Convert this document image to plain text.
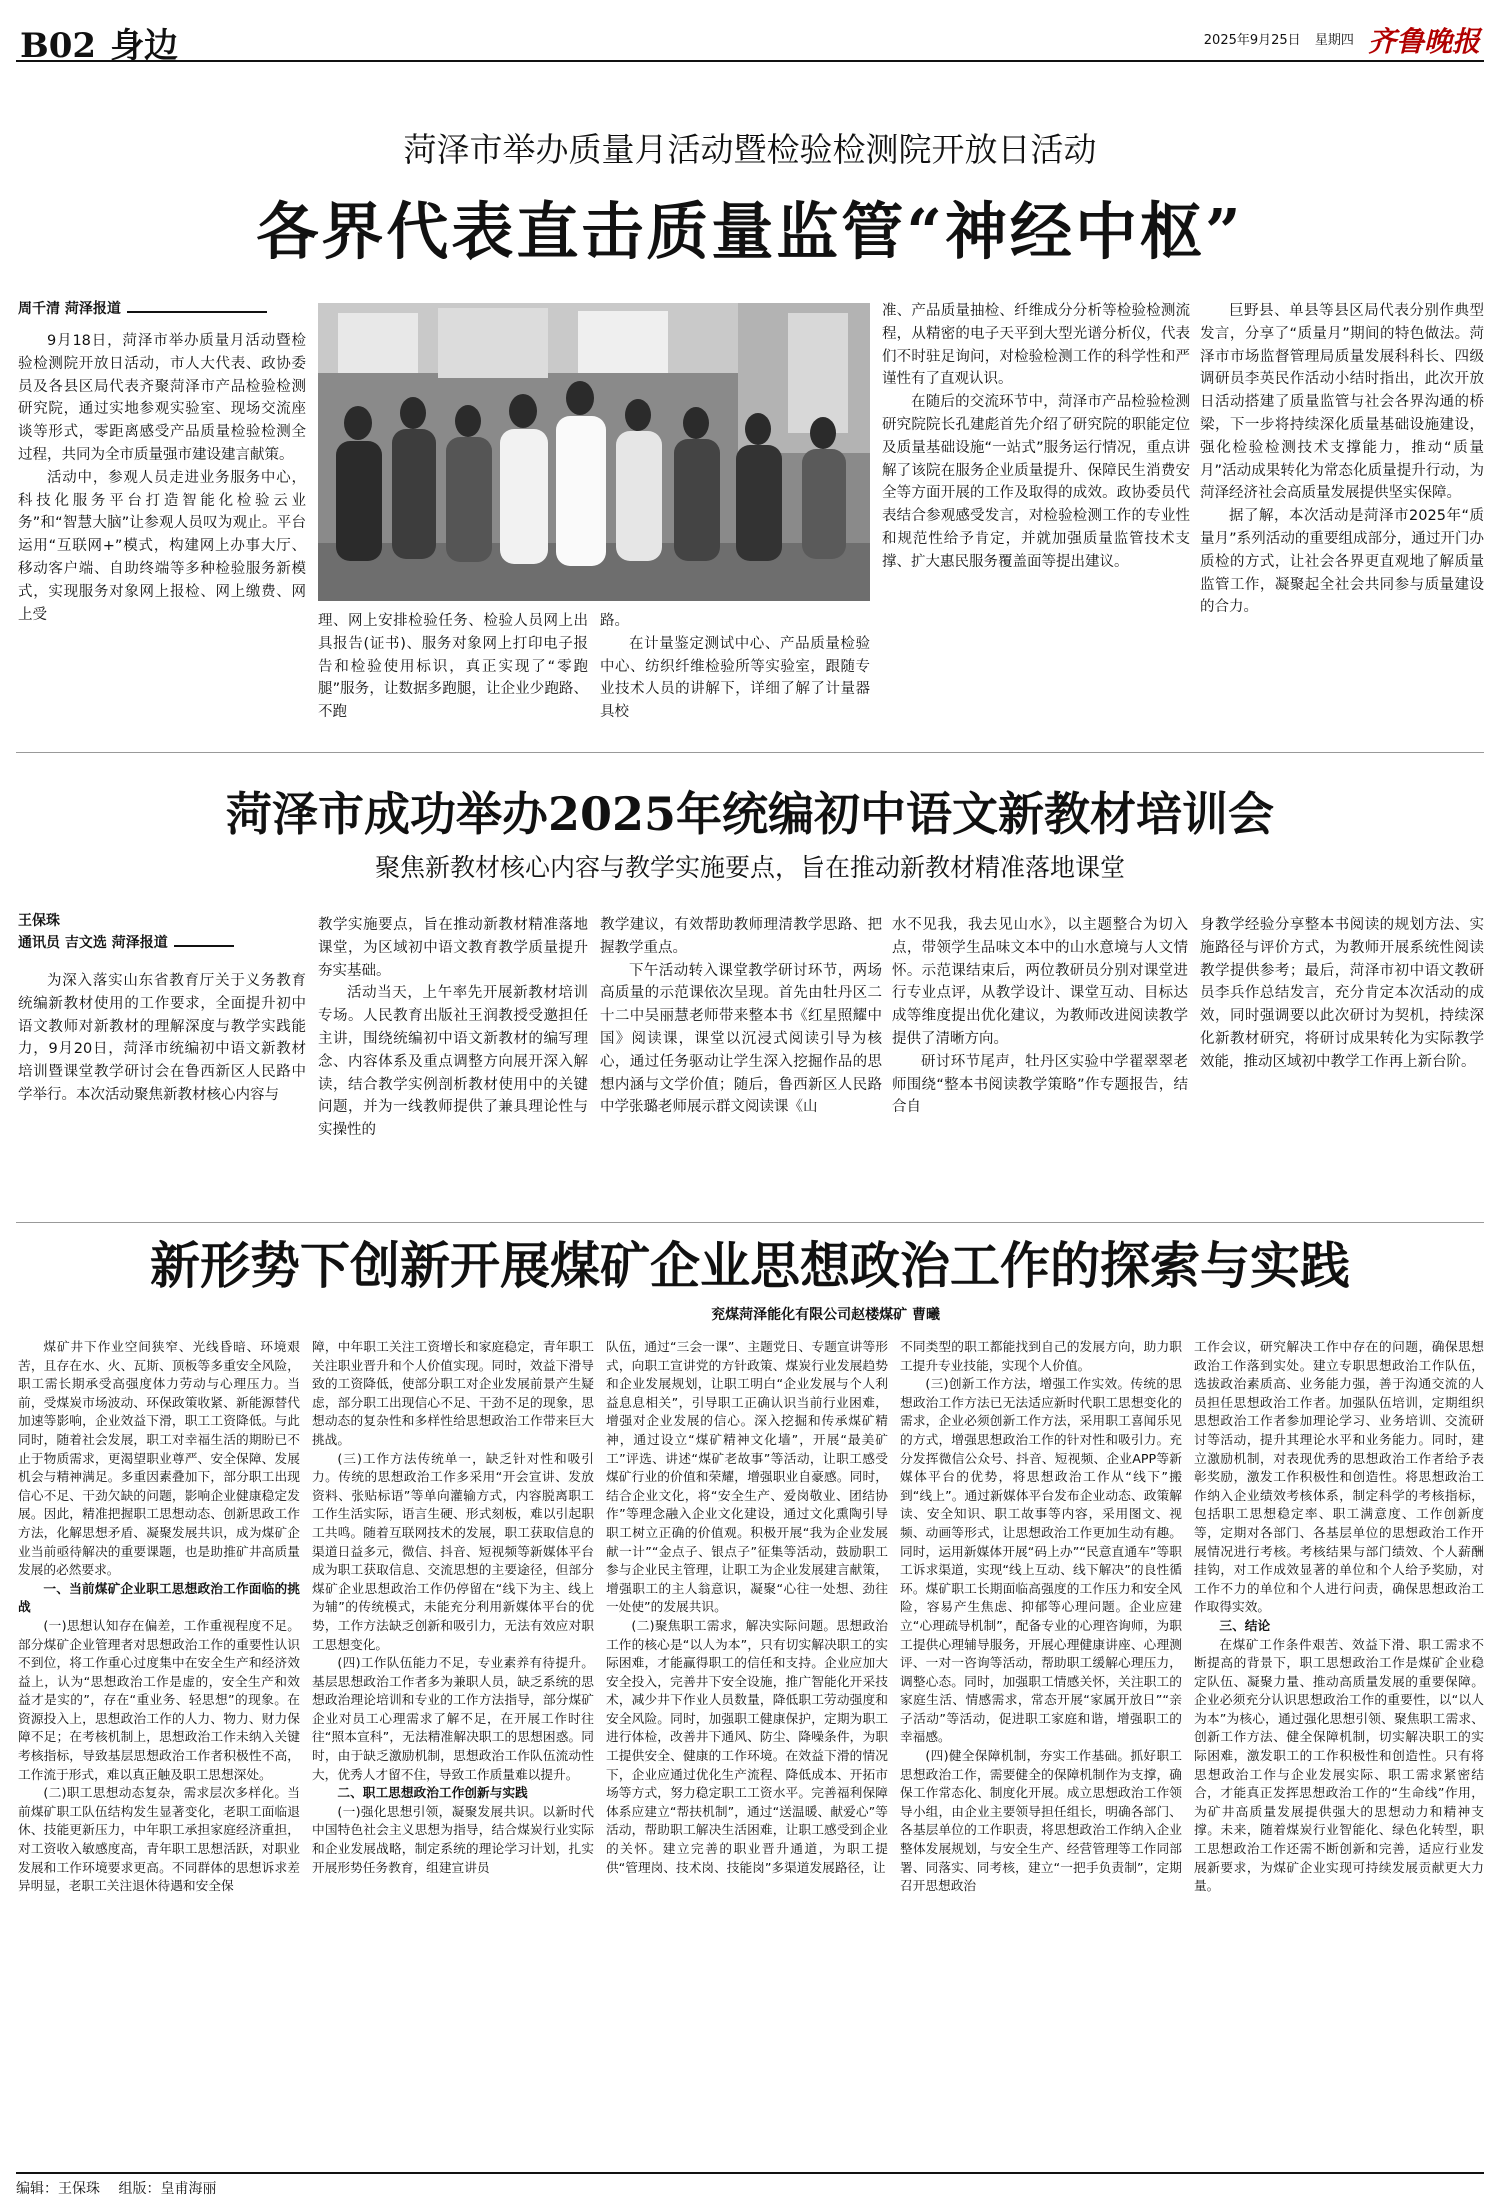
B02 身边	2025年9月25日 星期四 齐鲁晚报
菏泽市举办质量月活动暨检验检测院开放日活动
各界代表直击质量监管“神经中枢”
周千清 菏泽报道

9月18日，菏泽市举办质量月活动暨检验检测院开放日活动，市人大代表、政协委员及各县区局代表齐聚菏泽市产品检验检测研究院，通过实地参观实验室、现场交流座谈等形式，零距离感受产品质量检验检测全过程，共同为全市质量强市建设建言献策。

活动中，参观人员走进业务服务中心，科技化服务平台打造智能化检验云业务”和“智慧大脑”让参观人员叹为观止。平台运用“互联网+”模式，构建网上办事大厅、移动客户端、自助终端等多种检验服务新模式，实现服务对象网上报检、网上缴费、网上受	理、网上安排检验任务、检验人员网上出具报告(证书)、服务对象网上打印电子报告和检验使用标识，真正实现了“零跑腿”服务，让数据多跑腿，让企业少跑路、不跑

路。

在计量鉴定测试中心、产品质量检验中心、纺织纤维检验所等实验室，跟随专业技术人员的讲解下，详细了解了计量器具校

准、产品质量抽检、纤维成分分析等检验检测流程，从精密的电子天平到大型光谱分析仪，代表们不时驻足询问，对检验检测工作的科学性和严谨性有了直观认识。

在随后的交流环节中，菏泽市产品检验检测研究院院长孔建彪首先介绍了研究院的职能定位及质量基础设施“一站式”服务运行情况，重点讲解了该院在服务企业质量提升、保障民生消费安全等方面开展的工作及取得的成效。政协委员代表结合参观感受发言，对检验检测工作的专业性和规范性给予肯定，并就加强质量监管技术支撑、扩大惠民服务覆盖面等提出建议。

巨野县、单县等县区局代表分别作典型发言，分享了“质量月”期间的特色做法。菏泽市市场监督管理局质量发展科科长、四级调研员李英民作活动小结时指出，此次开放日活动搭建了质量监管与社会各界沟通的桥梁，下一步将持续深化质量基础设施建设，强化检验检测技术支撑能力，推动“质量月”活动成果转化为常态化质量提升行动，为菏泽经济社会高质量发展提供坚实保障。

据了解，本次活动是菏泽市2025年“质量月”系列活动的重要组成部分，通过开门办质检的方式，让社会各界更直观地了解质量监管工作，凝聚起全社会共同参与质量建设的合力。

菏泽市成功举办2025年统编初中语文新教材培训会
聚焦新教材核心内容与教学实施要点，旨在推动新教材精准落地课堂
王保珠
通讯员 吉文选 菏泽报道

为深入落实山东省教育厅关于义务教育统编新教材使用的工作要求，全面提升初中语文教师对新教材的理解深度与教学实践能力，9月20日，菏泽市统编初中语文新教材培训暨课堂教学研讨会在鲁西新区人民路中学举行。本次活动聚焦新教材核心内容与

教学实施要点，旨在推动新教材精准落地课堂，为区域初中语文教育教学质量提升夯实基础。

活动当天，上午率先开展新教材培训专场。人民教育出版社王润教授受邀担任主讲，围绕统编初中语文新教材的编写理念、内容体系及重点调整方向展开深入解读，结合教学实例剖析教材使用中的关键问题，并为一线教师提供了兼具理论性与实操性的

教学建议，有效帮助教师理清教学思路、把握教学重点。

下午活动转入课堂教学研讨环节，两场高质量的示范课依次呈现。首先由牡丹区二十二中吴丽慧老师带来整本书《红星照耀中国》阅读课，课堂以沉浸式阅读引导为核心，通过任务驱动让学生深入挖掘作品的思想内涵与文学价值；随后，鲁西新区人民路中学张璐老师展示群文阅读课《山

水不见我，我去见山水》，以主题整合为切入点，带领学生品味文本中的山水意境与人文情怀。示范课结束后，两位教研员分别对课堂进行专业点评，从教学设计、课堂互动、目标达成等维度提出优化建议，为教师改进阅读教学提供了清晰方向。

研讨环节尾声，牡丹区实验中学翟翠翠老师围绕“整本书阅读教学策略”作专题报告，结合自

身教学经验分享整本书阅读的规划方法、实施路径与评价方式，为教师开展系统性阅读教学提供参考；最后，菏泽市初中语文教研员李兵作总结发言，充分肯定本次活动的成效，同时强调要以此次研讨为契机，持续深化新教材研究，将研讨成果转化为实际教学效能，推动区域初中教学工作再上新台阶。

新形势下创新开展煤矿企业思想政治工作的探索与实践
兖煤菏泽能化有限公司赵楼煤矿 曹曦

煤矿井下作业空间狭窄、光线昏暗、环境艰苦，且存在水、火、瓦斯、顶板等多重安全风险，职工需长期承受高强度体力劳动与心理压力。当前，受煤炭市场波动、环保政策收紧、新能源替代加速等影响，企业效益下滑，职工工资降低。与此同时，随着社会发展，职工对幸福生活的期盼已不止于物质需求，更渴望职业尊严、安全保障、发展机会与精神满足。多重因素叠加下，部分职工出现信心不足、干劲欠缺的问题，影响企业健康稳定发展。因此，精准把握职工思想动态、创新思政工作方法，化解思想矛盾、凝聚发展共识，成为煤矿企业当前亟待解决的重要课题，也是助推矿井高质量发展的必然要求。

一、当前煤矿企业职工思想政治工作面临的挑战

(一)思想认知存在偏差，工作重视程度不足。部分煤矿企业管理者对思想政治工作的重要性认识不到位，将工作重心过度集中在安全生产和经济效益上，认为“思想政治工作是虚的，安全生产和效益才是实的”，存在“重业务、轻思想”的现象。在资源投入上，思想政治工作的人力、物力、财力保障不足；在考核机制上，思想政治工作未纳入关键考核指标，导致基层思想政治工作者积极性不高，工作流于形式，难以真正触及职工思想深处。

(二)职工思想动态复杂，需求层次多样化。当前煤矿职工队伍结构发生显著变化，老职工面临退休、技能更新压力，中年职工承担家庭经济重担，对工资收入敏感度高，青年职工思想活跃，对职业发展和工作环境要求更高。不同群体的思想诉求差异明显，老职工关注退休待遇和安全保

障，中年职工关注工资增长和家庭稳定，青年职工关注职业晋升和个人价值实现。同时，效益下滑导致的工资降低，使部分职工对企业发展前景产生疑虑，部分职工出现信心不足、干劲不足的现象，思想动态的复杂性和多样性给思想政治工作带来巨大挑战。

(三)工作方法传统单一，缺乏针对性和吸引力。传统的思想政治工作多采用“开会宣讲、发放资料、张贴标语”等单向灌输方式，内容脱离职工工作生活实际，语言生硬、形式刻板，难以引起职工共鸣。随着互联网技术的发展，职工获取信息的渠道日益多元，微信、抖音、短视频等新媒体平台成为职工获取信息、交流思想的主要途径，但部分煤矿企业思想政治工作仍停留在“线下为主、线上为辅”的传统模式，未能充分利用新媒体平台的优势，工作方法缺乏创新和吸引力，无法有效应对职工思想变化。

(四)工作队伍能力不足，专业素养有待提升。基层思想政治工作者多为兼职人员，缺乏系统的思想政治理论培训和专业的工作方法指导，部分煤矿企业对员工心理需求了解不足，在开展工作时往往“照本宣科”，无法精准解决职工的思想困惑。同时，由于缺乏激励机制，思想政治工作队伍流动性大，优秀人才留不住，导致工作质量难以提升。

二、职工思想政治工作创新与实践

(一)强化思想引领，凝聚发展共识。以新时代中国特色社会主义思想为指导，结合煤炭行业实际和企业发展战略，制定系统的理论学习计划，扎实开展形势任务教育，组建宣讲员

队伍，通过“三会一课”、主题党日、专题宣讲等形式，向职工宣讲党的方针政策、煤炭行业发展趋势和企业发展规划，让职工明白“企业发展与个人利益息息相关”，引导职工正确认识当前行业困难，增强对企业发展的信心。深入挖掘和传承煤矿精神，通过设立“煤矿精神文化墙”，开展“最美矿工”评选、讲述“煤矿老故事”等活动，让职工感受煤矿行业的价值和荣耀，增强职业自豪感。同时，结合企业文化，将“安全生产、爱岗敬业、团结协作”等理念融入企业文化建设，通过文化熏陶引导职工树立正确的价值观。积极开展“我为企业发展献一计”“金点子、银点子”征集等活动，鼓励职工参与企业民主管理，让职工为企业发展建言献策，增强职工的主人翁意识，凝聚“心往一处想、劲往一处使”的发展共识。

(二)聚焦职工需求，解决实际问题。思想政治工作的核心是“以人为本”，只有切实解决职工的实际困难，才能赢得职工的信任和支持。企业应加大安全投入，完善井下安全设施，推广智能化开采技术，减少井下作业人员数量，降低职工劳动强度和安全风险。同时，加强职工健康保护，定期为职工进行体检，改善井下通风、防尘、降噪条件，为职工提供安全、健康的工作环境。在效益下滑的情况下，企业应通过优化生产流程、降低成本、开拓市场等方式，努力稳定职工工资水平。完善福利保障体系应建立“帮扶机制”，通过“送温暖、献爱心”等活动，帮助职工解决生活困难，让职工感受到企业的关怀。建立完善的职业晋升通道，为职工提供“管理岗、技术岗、技能岗”多渠道发展路径，让

不同类型的职工都能找到自己的发展方向，助力职工提升专业技能，实现个人价值。

(三)创新工作方法，增强工作实效。传统的思想政治工作方法已无法适应新时代职工思想变化的需求，企业必须创新工作方法，采用职工喜闻乐见的方式，增强思想政治工作的针对性和吸引力。充分发挥微信公众号、抖音、短视频、企业APP等新媒体平台的优势，将思想政治工作从“线下”搬到“线上”。通过新媒体平台发布企业动态、政策解读、安全知识、职工故事等内容，采用图文、视频、动画等形式，让思想政治工作更加生动有趣。同时，运用新媒体开展“码上办”“民意直通车”等职工诉求渠道，实现“线上互动、线下解决”的良性循环。煤矿职工长期面临高强度的工作压力和安全风险，容易产生焦虑、抑郁等心理问题。企业应建立“心理疏导机制”，配备专业的心理咨询师，为职工提供心理辅导服务，开展心理健康讲座、心理测评、一对一咨询等活动，帮助职工缓解心理压力，调整心态。同时，加强职工情感关怀，关注职工的家庭生活、情感需求，常态开展“家属开放日”“亲子活动”等活动，促进职工家庭和谐，增强职工的幸福感。

(四)健全保障机制，夯实工作基础。抓好职工思想政治工作，需要健全的保障机制作为支撑，确保工作常态化、制度化开展。成立思想政治工作领导小组，由企业主要领导担任组长，明确各部门、各基层单位的工作职责，将思想政治工作纳入企业整体发展规划，与安全生产、经营管理等工作同部署、同落实、同考核，建立“一把手负责制”，定期召开思想政治

工作会议，研究解决工作中存在的问题，确保思想政治工作落到实处。建立专职思想政治工作队伍，选拔政治素质高、业务能力强，善于沟通交流的人员担任思想政治工作者。加强队伍培训，定期组织思想政治工作者参加理论学习、业务培训、交流研讨等活动，提升其理论水平和业务能力。同时，建立激励机制，对表现优秀的思想政治工作者给予表彰奖励，激发工作积极性和创造性。将思想政治工作纳入企业绩效考核体系，制定科学的考核指标，包括职工思想稳定率、职工满意度、工作创新度等，定期对各部门、各基层单位的思想政治工作开展情况进行考核。考核结果与部门绩效、个人薪酬挂钩，对工作成效显著的单位和个人给予奖励，对工作不力的单位和个人进行问责，确保思想政治工作取得实效。

三、结论

在煤矿工作条件艰苦、效益下滑、职工需求不断提高的背景下，职工思想政治工作是煤矿企业稳定队伍、凝聚力量、推动高质量发展的重要保障。企业必须充分认识思想政治工作的重要性，以“以人为本”为核心，通过强化思想引领、聚焦职工需求、创新工作方法、健全保障机制，切实解决职工的实际困难，激发职工的工作积极性和创造性。只有将思想政治工作与企业发展实际、职工需求紧密结合，才能真正发挥思想政治工作的“生命线”作用，为矿井高质量发展提供强大的思想动力和精神支撑。未来，随着煤炭行业智能化、绿色化转型，职工思想政治工作还需不断创新和完善，适应行业发展新要求，为煤矿企业实现可持续发展贡献更大力量。

编辑：王保珠 组版：皇甫海丽
